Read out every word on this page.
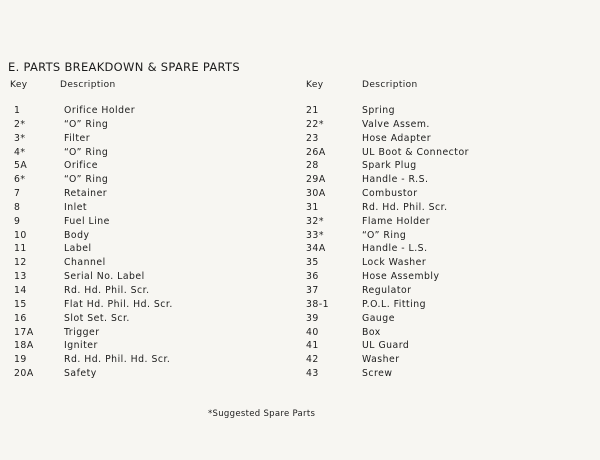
E. PARTS BREAKDOWN & SPARE PARTS
Key	Description
1	Orifice Holder
2*	“O” Ring
3*	Filter
4*	“O” Ring
5A	Orifice
6*	“O” Ring
7	Retainer
8	Inlet
9	Fuel Line
10	Body
11	Label
12	Channel
13	Serial No. Label
14	Rd. Hd. Phil. Scr.
15	Flat Hd. Phil. Hd. Scr.
16	Slot Set. Scr.
17A	Trigger
18A	Igniter
19	Rd. Hd. Phil. Hd. Scr.
20A	Safety
Key	Description
21	Spring
22*	Valve Assem.
23	Hose Adapter
26A	UL Boot & Connector
28	Spark Plug
29A	Handle - R.S.
30A	Combustor
31	Rd. Hd. Phil. Scr.
32*	Flame Holder
33*	“O” Ring
34A	Handle - L.S.
35	Lock Washer
36	Hose Assembly
37	Regulator
38-1	P.O.L. Fitting
39	Gauge
40	Box
41	UL Guard
42	Washer
43	Screw
*Suggested Spare Parts
